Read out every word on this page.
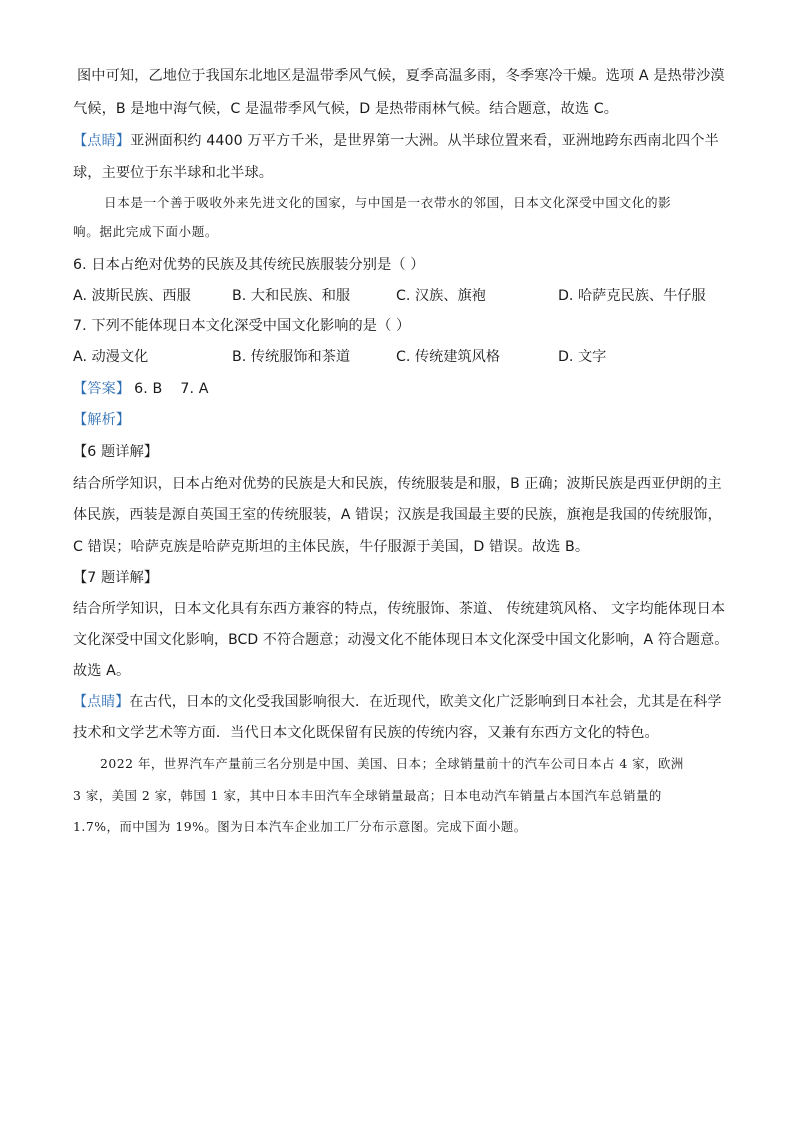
图中可知，乙地位于我国东北地区是温带季风气候，夏季高温多雨，冬季寒冷干燥。选项 A 是热带沙漠
气候，B 是地中海气候，C 是温带季风气候，D 是热带雨林气候。结合题意，故选 C。
【点睛】亚洲面积约 4400 万平方千米，是世界第一大洲。从半球位置来看，亚洲地跨东西南北四个半
球，主要位于东半球和北半球。
日本是一个善于吸收外来先进文化的国家，与中国是一衣带水的邻国，日本文化深受中国文化的影
响。据此完成下面小题。
6. 日本占绝对优势的民族及其传统民族服装分别是（ ）
A. 波斯民族、西服	B. 大和民族、和服	C. 汉族、旗袍	D. 哈萨克民族、牛仔服
7. 下列不能体现日本文化深受中国文化影响的是（ ）
A. 动漫文化	B. 传统服饰和茶道	C. 传统建筑风格	D. 文字
【答案】 6. B 7. A
【解析】
【6 题详解】
结合所学知识，日本占绝对优势的民族是大和民族，传统服装是和服，B 正确；波斯民族是西亚伊朗的主
体民族，西装是源自英国王室的传统服装，A 错误；汉族是我国最主要的民族，旗袍是我国的传统服饰，
C 错误；哈萨克族是哈萨克斯坦的主体民族，牛仔服源于美国，D 错误。故选 B。
【7 题详解】
结合所学知识，日本文化具有东西方兼容的特点，传统服饰、茶道、 传统建筑风格、 文字均能体现日本
文化深受中国文化影响，BCD 不符合题意；动漫文化不能体现日本文化深受中国文化影响，A 符合题意。
故选 A。
【点睛】在古代，日本的文化受我国影响很大．在近现代，欧美文化广泛影响到日本社会，尤其是在科学
技术和文学艺术等方面．当代日本文化既保留有民族的传统内容，又兼有东西方文化的特色。
2022 年，世界汽车产量前三名分别是中国、美国、日本；全球销量前十的汽车公司日本占 4 家，欧洲
3 家，美国 2 家，韩国 1 家，其中日本丰田汽车全球销量最高；日本电动汽车销量占本国汽车总销量的
1.7%，而中国为 19%。图为日本汽车企业加工厂分布示意图。完成下面小题。
